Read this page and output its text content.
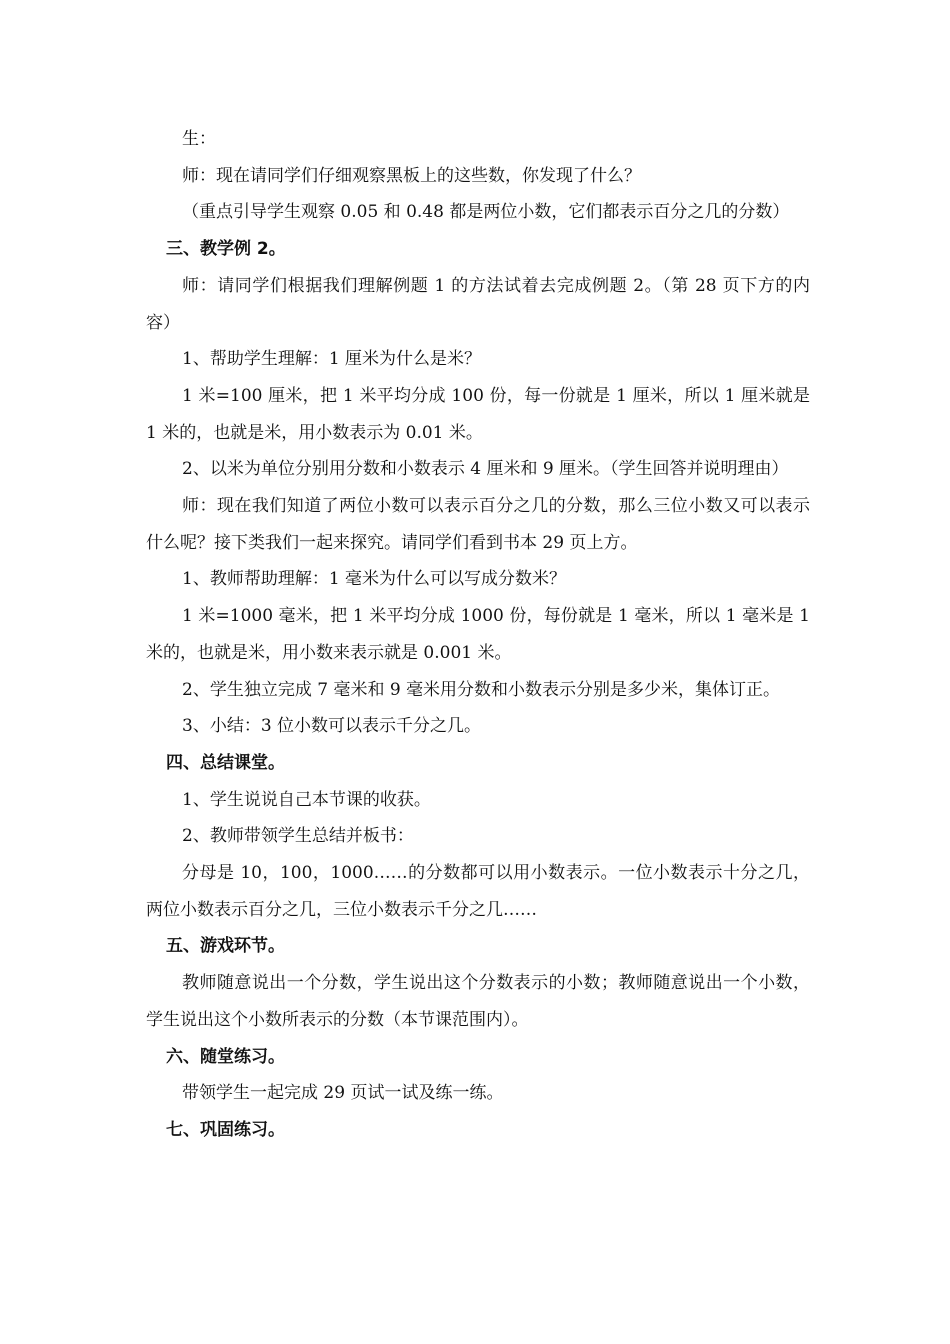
生：

师：现在请同学们仔细观察黑板上的这些数，你发现了什么？

（重点引导学生观察 0.05 和 0.48 都是两位小数，它们都表示百分之几的分数）

三、教学例 2。

师：请同学们根据我们理解例题 1 的方法试着去完成例题 2。（第 28 页下方的内容）

1、帮助学生理解：1 厘米为什么是米？

1 米=100 厘米，把 1 米平均分成 100 份，每一份就是 1 厘米，所以 1 厘米就是 1 米的，也就是米，用小数表示为 0.01 米。

2、以米为单位分别用分数和小数表示 4 厘米和 9 厘米。（学生回答并说明理由）

师：现在我们知道了两位小数可以表示百分之几的分数，那么三位小数又可以表示什么呢？接下类我们一起来探究。请同学们看到书本 29 页上方。

1、教师帮助理解：1 毫米为什么可以写成分数米？

1 米=1000 毫米，把 1 米平均分成 1000 份，每份就是 1 毫米，所以 1 毫米是 1 米的，也就是米，用小数来表示就是 0.001 米。

2、学生独立完成 7 毫米和 9 毫米用分数和小数表示分别是多少米，集体订正。

3、小结：3 位小数可以表示千分之几。

四、总结课堂。

1、学生说说自己本节课的收获。

2、教师带领学生总结并板书：

分母是 10，100，1000……的分数都可以用小数表示。一位小数表示十分之几，两位小数表示百分之几，三位小数表示千分之几……

五、游戏环节。

教师随意说出一个分数，学生说出这个分数表示的小数；教师随意说出一个小数，学生说出这个小数所表示的分数（本节课范围内）。

六、随堂练习。

带领学生一起完成 29 页试一试及练一练。

七、巩固练习。
